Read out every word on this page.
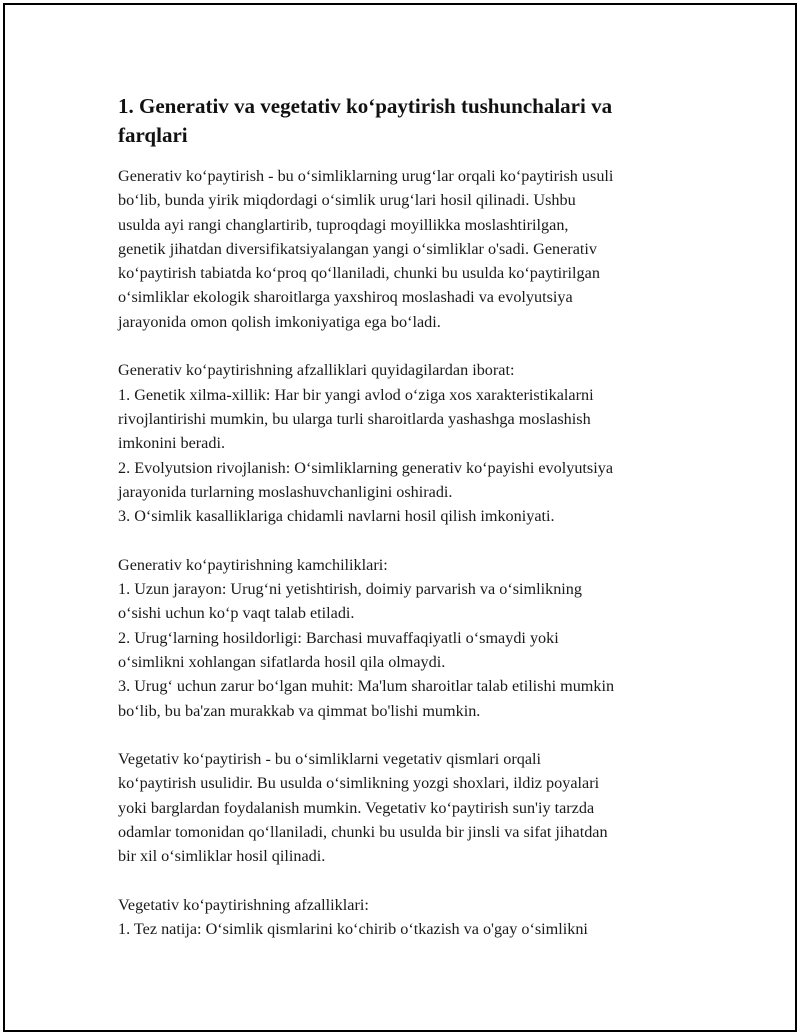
1. Generativ va vegetativ ko‘paytirish tushunchalari va
farqlari
Generativ ko‘paytirish - bu o‘simliklarning urug‘lar orqali ko‘paytirish usuli
bo‘lib, bunda yirik miqdordagi o‘simlik urug‘lari hosil qilinadi. Ushbu
usulda ayi rangi changlartirib, tuproqdagi moyillikka moslashtirilgan,
genetik jihatdan diversifikatsiyalangan yangi o‘simliklar o'sadi. Generativ
ko‘paytirish tabiatda ko‘proq qo‘llaniladi, chunki bu usulda ko‘paytirilgan
o‘simliklar ekologik sharoitlarga yaxshiroq moslashadi va evolyutsiya
jarayonida omon qolish imkoniyatiga ega bo‘ladi.
Generativ ko‘paytirishning afzalliklari quyidagilardan iborat:
1. Genetik xilma-xillik: Har bir yangi avlod o‘ziga xos xarakteristikalarni
rivojlantirishi mumkin, bu ularga turli sharoitlarda yashashga moslashish
imkonini beradi.
2. Evolyutsion rivojlanish: O‘simliklarning generativ ko‘payishi evolyutsiya
jarayonida turlarning moslashuvchanligini oshiradi.
3. O‘simlik kasalliklariga chidamli navlarni hosil qilish imkoniyati.
Generativ ko‘paytirishning kamchiliklari:
1. Uzun jarayon: Urug‘ni yetishtirish, doimiy parvarish va o‘simlikning
o‘sishi uchun ko‘p vaqt talab etiladi.
2. Urug‘larning hosildorligi: Barchasi muvaffaqiyatli o‘smaydi yoki
o‘simlikni xohlangan sifatlarda hosil qila olmaydi.
3. Urug‘ uchun zarur bo‘lgan muhit: Ma'lum sharoitlar talab etilishi mumkin
bo‘lib, bu ba'zan murakkab va qimmat bo'lishi mumkin.
Vegetativ ko‘paytirish - bu o‘simliklarni vegetativ qismlari orqali
ko‘paytirish usulidir. Bu usulda o‘simlikning yozgi shoxlari, ildiz poyalari
yoki barglardan foydalanish mumkin. Vegetativ ko‘paytirish sun'iy tarzda
odamlar tomonidan qo‘llaniladi, chunki bu usulda bir jinsli va sifat jihatdan
bir xil o‘simliklar hosil qilinadi.
Vegetativ ko‘paytirishning afzalliklari:
1. Tez natija: O‘simlik qismlarini ko‘chirib o‘tkazish va o'gay o‘simlikni
